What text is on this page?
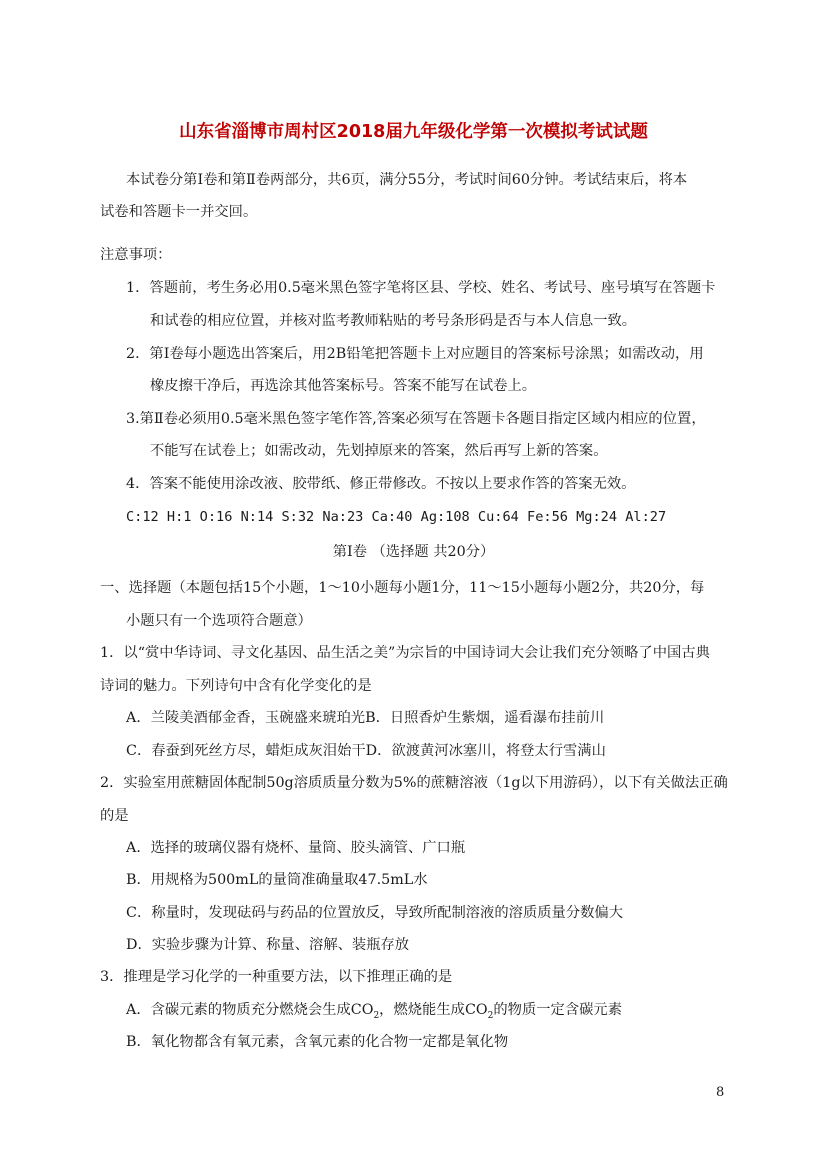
山东省淄博市周村区2018届九年级化学第一次模拟考试试题
本试卷分第Ⅰ卷和第Ⅱ卷两部分，共6页，满分55分，考试时间60分钟。考试结束后，将本
试卷和答题卡一并交回。
注意事项：
1．答题前，考生务必用0.5毫米黑色签字笔将区县、学校、姓名、考试号、座号填写在答题卡
和试卷的相应位置，并核对监考教师粘贴的考号条形码是否与本人信息一致。
2．第Ⅰ卷每小题选出答案后，用2B铅笔把答题卡上对应题目的答案标号涂黑；如需改动，用
橡皮擦干净后，再选涂其他答案标号。答案不能写在试卷上。
3.第Ⅱ卷必须用0.5毫米黑色签字笔作答,答案必须写在答题卡各题目指定区域内相应的位置，
不能写在试卷上；如需改动，先划掉原来的答案，然后再写上新的答案。
4．答案不能使用涂改液、胶带纸、修正带修改。不按以上要求作答的答案无效。
C:12 H:1 O:16 N:14 S:32 Na:23 Ca:40 Ag:108 Cu:64 Fe:56 Mg:24 Al:27
第Ⅰ卷 （选择题 共20分）
一、选择题（本题包括15个小题，1～10小题每小题1分，11～15小题每小题2分，共20分，每
小题只有一个选项符合题意）
1．以“赏中华诗词、寻文化基因、品生活之美”为宗旨的中国诗词大会让我们充分领略了中国古典
诗词的魅力。下列诗句中含有化学变化的是
A．兰陵美酒郁金香，玉碗盛来琥珀光B．日照香炉生紫烟，遥看瀑布挂前川
C．春蚕到死丝方尽，蜡炬成灰泪始干D．欲渡黄河冰塞川，将登太行雪满山
2．实验室用蔗糖固体配制50g溶质质量分数为5%的蔗糖溶液（1g以下用游码），以下有关做法正确
的是
A．选择的玻璃仪器有烧杯、量筒、胶头滴管、广口瓶
B．用规格为500mL的量筒准确量取47.5mL水
C．称量时，发现砝码与药品的位置放反，导致所配制溶液的溶质质量分数偏大
D．实验步骤为计算、称量、溶解、装瓶存放
3．推理是学习化学的一种重要方法，以下推理正确的是
A．含碳元素的物质充分燃烧会生成$CO_2$，燃烧能生成$CO_2$的物质一定含碳元素
B．氧化物都含有氧元素，含氧元素的化合物一定都是氧化物
8
